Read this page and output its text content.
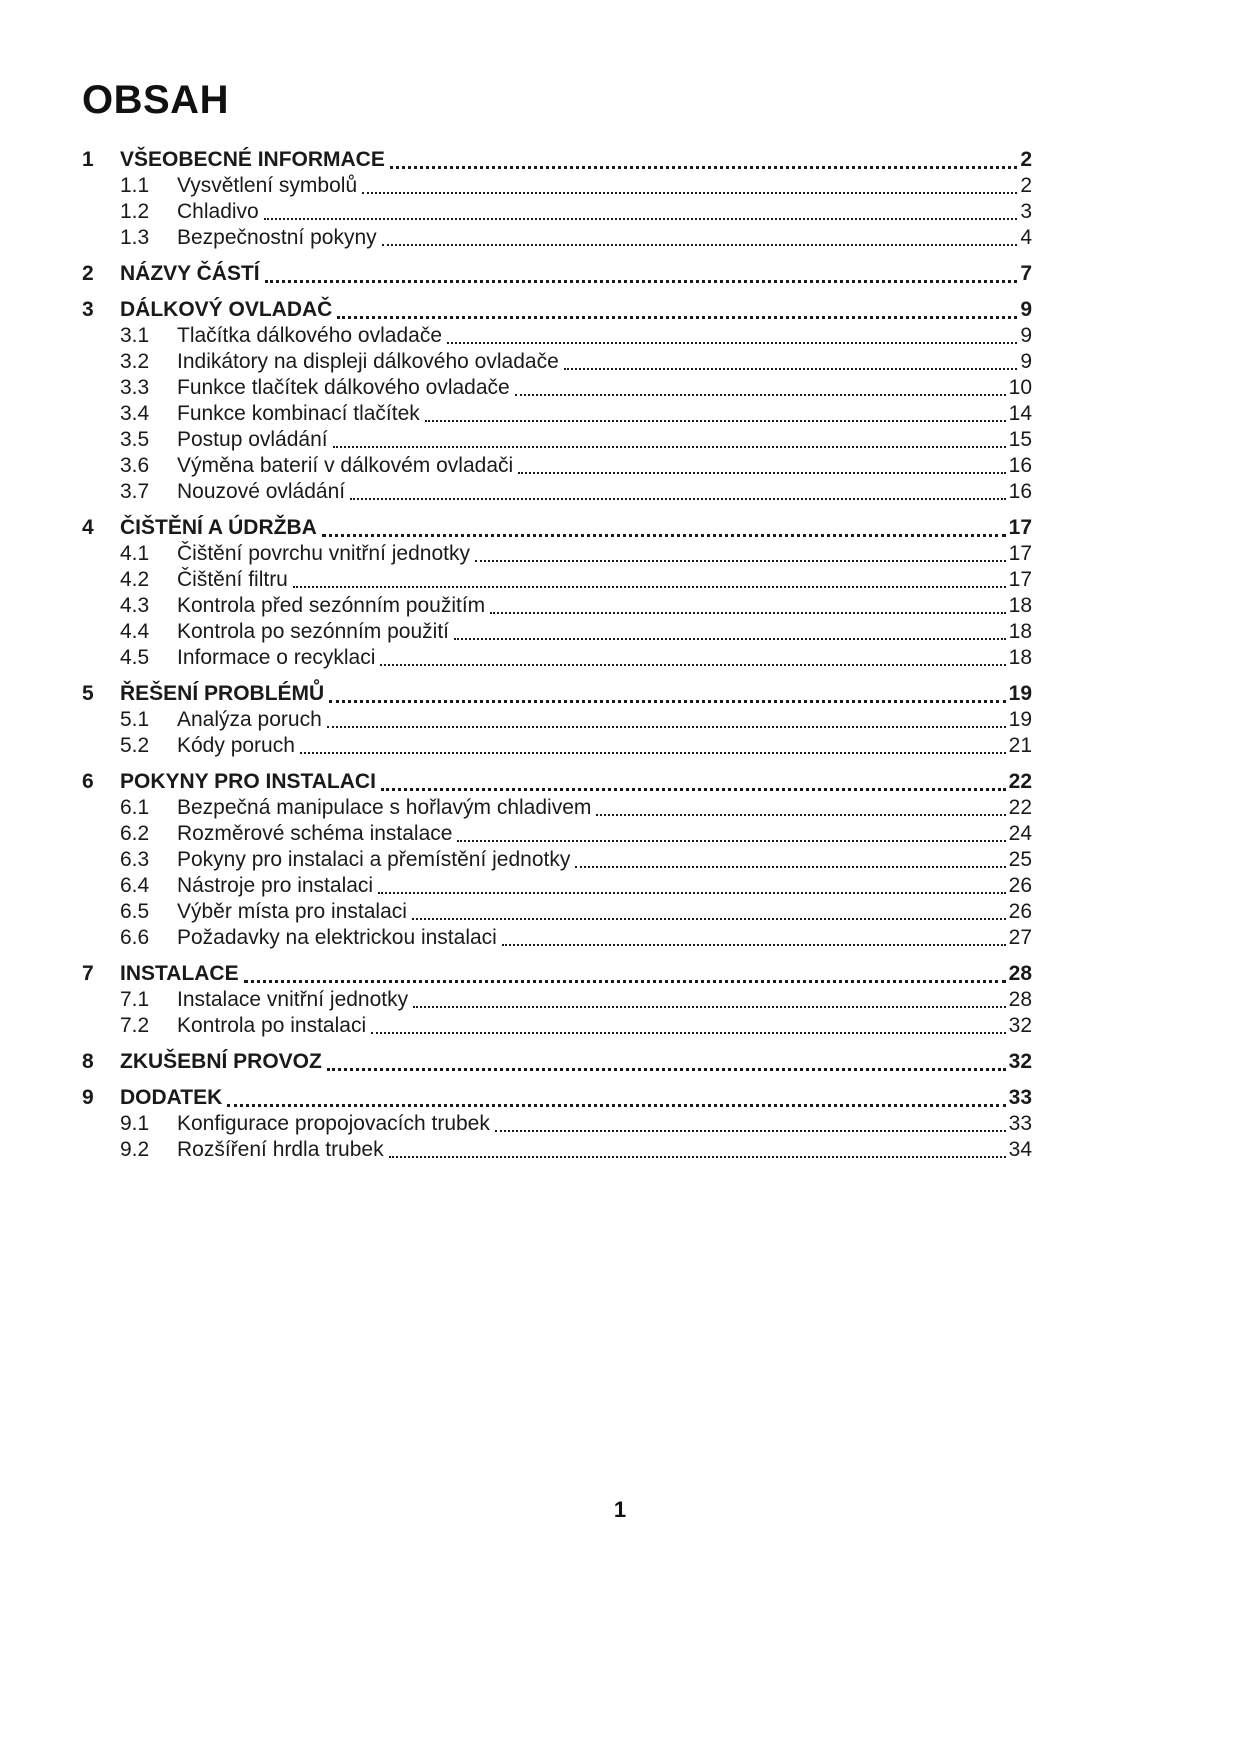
OBSAH
1	VŠEOBECNÉ INFORMACE	2
1.1	Vysvětlení symbolů	2
1.2	Chladivo	3
1.3	Bezpečnostní pokyny	4
2	NÁZVY ČÁSTÍ	7
3	DÁLKOVÝ OVLADAČ	9
3.1	Tlačítka dálkového ovladače	9
3.2	Indikátory na displeji dálkového ovladače	9
3.3	Funkce tlačítek dálkového ovladače	10
3.4	Funkce kombinací tlačítek	14
3.5	Postup ovládání	15
3.6	Výměna baterií v dálkovém ovladači	16
3.7	Nouzové ovládání	16
4	ČIŠTĚNÍ A ÚDRŽBA	17
4.1	Čištění povrchu vnitřní jednotky	17
4.2	Čištění filtru	17
4.3	Kontrola před sezónním použitím	18
4.4	Kontrola po sezónním použití	18
4.5	Informace o recyklaci	18
5	ŘEŠENÍ PROBLÉMŮ	19
5.1	Analýza poruch	19
5.2	Kódy poruch	21
6	POKYNY PRO INSTALACI	22
6.1	Bezpečná manipulace s hořlavým chladivem	22
6.2	Rozměrové schéma instalace	24
6.3	Pokyny pro instalaci a přemístění jednotky	25
6.4	Nástroje pro instalaci	26
6.5	Výběr místa pro instalaci	26
6.6	Požadavky na elektrickou instalaci	27
7	INSTALACE	28
7.1	Instalace vnitřní jednotky	28
7.2	Kontrola po instalaci	32
8	ZKUŠEBNÍ PROVOZ	32
9	DODATEK	33
9.1	Konfigurace propojovacích trubek	33
9.2	Rozšíření hrdla trubek	34
1
